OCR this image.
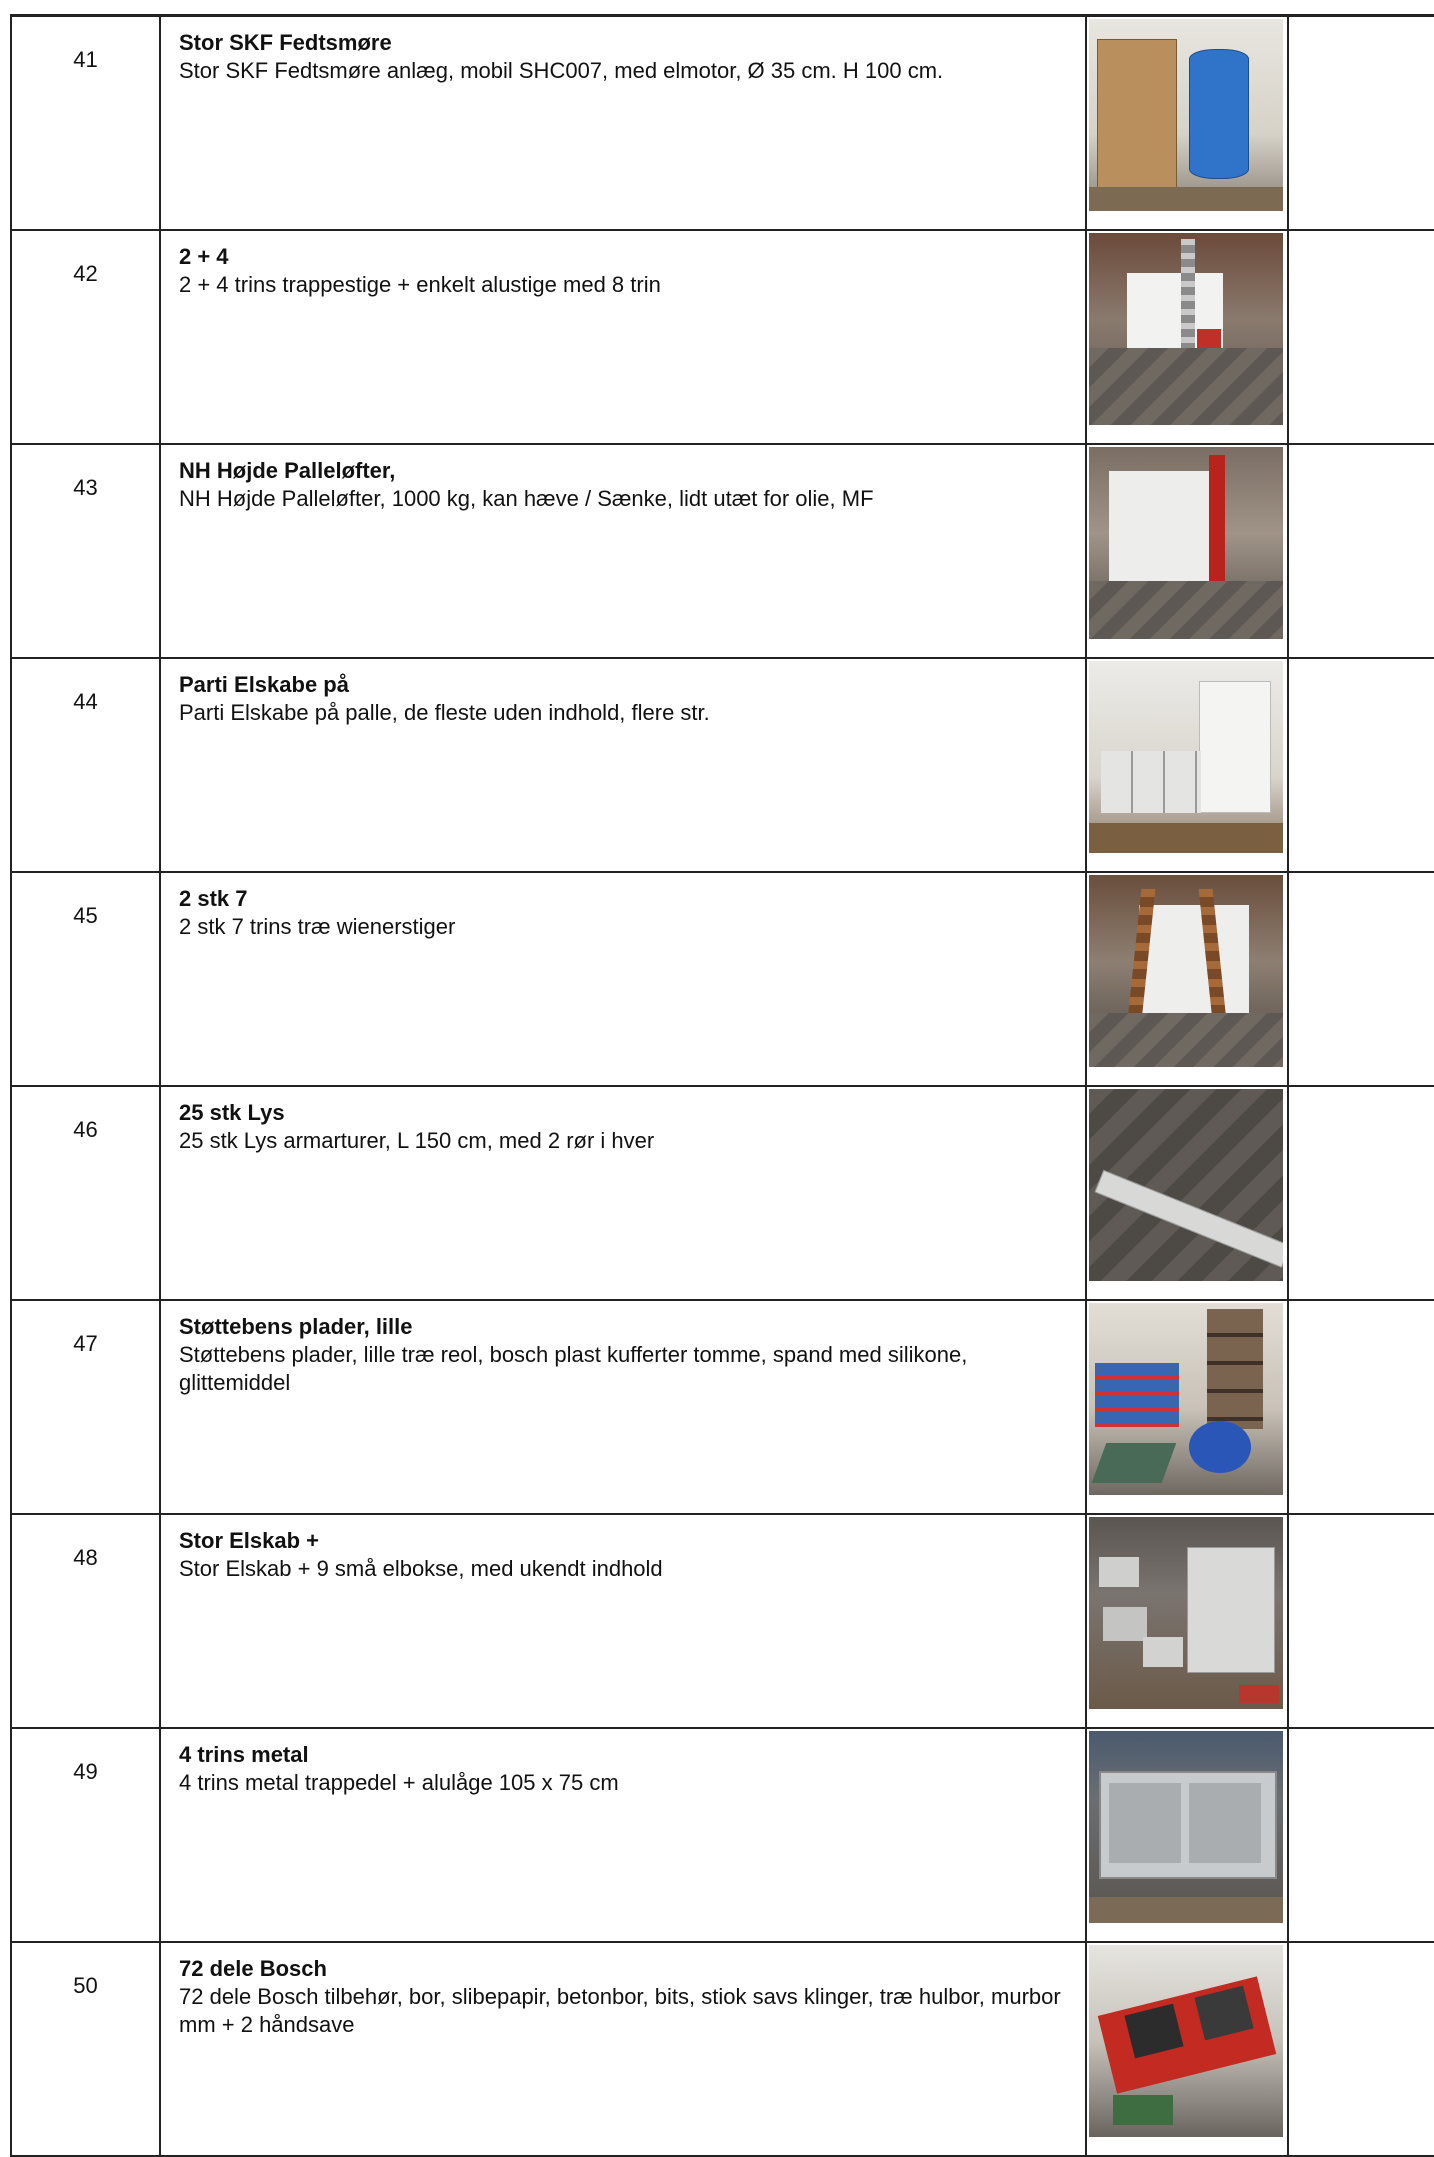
41	Stor SKF Fedtsmøre
Stor SKF Fedtsmøre anlæg, mobil SHC007, med elmotor, Ø 35 cm. H 100 cm.		

42	2 + 4
2 + 4 trins trappestige + enkelt alustige med 8 trin		

43	NH Højde Palleløfter,
NH Højde Palleløfter, 1000 kg, kan hæve / Sænke, lidt utæt for olie, MF		

44	Parti Elskabe på
Parti Elskabe på palle, de fleste uden indhold, flere str.		

45	2 stk 7
2 stk 7 trins træ wienerstiger		

46	25 stk Lys
25 stk Lys armarturer, L 150 cm, med 2 rør i hver		

47	Støttebens plader, lille
Støttebens plader, lille træ reol, bosch plast kufferter tomme, spand med silikone, glittemiddel		

48	Stor Elskab +
Stor Elskab + 9 små elbokse, med ukendt indhold		

49	4 trins metal
4 trins metal trappedel + alulåge 105 x 75 cm		

50	72 dele Bosch
72 dele Bosch tilbehør, bor, slibepapir, betonbor, bits, stiok savs klinger, træ hulbor, murbor mm + 2 håndsave		
